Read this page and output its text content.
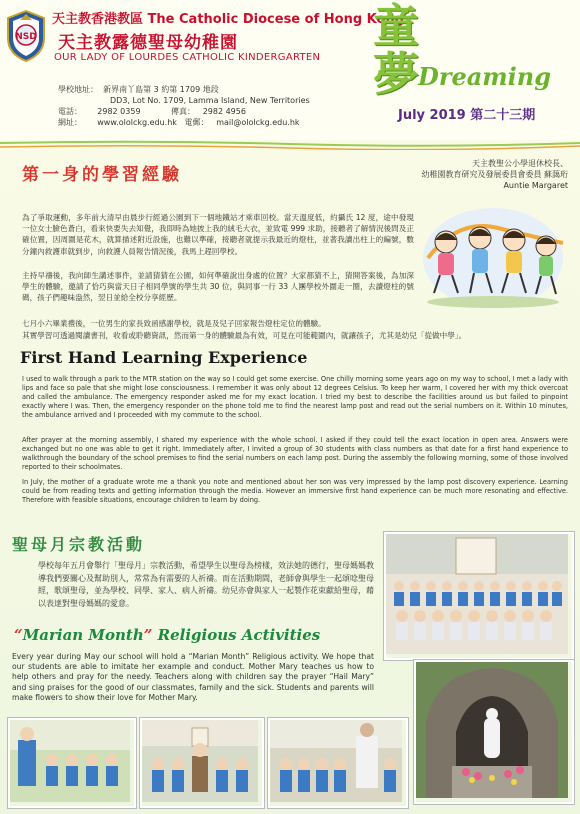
NSD
天主教香港教區 The Catholic Diocese of Hong Kong
天主教露德聖母幼稚園
OUR LADY OF LOURDES CATHOLIC KINDERGARTEN
學校地址： 新界南丫島第 3 約第 1709 地段
DD3, Lot No. 1709, Lamma Island, New Territories
電話： 2982 0359	傳真： 2982 4956
網址： www.ololckg.edu.hk 電郵： mail@ololckg.edu.hk
童夢 Dreaming
July 2019 第二十三期
第一身的學習經驗
天主教聖公小學退休校長、
幼稚園教育研究及發展委員會委員 蘇藹珩
Auntie Margaret
為了爭取運動，多年前大清早由晨步行經過公園到下一個地鐵站才乘車回校。當天溫度低，約攝氏 12 度，途中發現一位女士臉色蒼白，看來快要失去知覺，我即時為她披上我的絨毛大衣，並致電 999 求助，接聽者了解情況後問及正確位置，因周圍是花木，就算描述附近設施，也難以準確，接聽者就提示我最近的燈柱，並著我讀出柱上的編號，數分鐘內救護車就到步，向救護人員報告情況後，我馬上趕回學校。
主持早禱後，我向師生講述事件，並請猜猜在公園，如何準確說出身處的位置？大家都猜不上，猜開答案後，為加深學生的體驗，邀請了恰巧與當天日子相同學號的學生共 30 位，與同事一行 33 人團學校外圍走一圈，去讀燈柱的號碼，孩子們趣味盎然，翌日並給全校分享經歷。
七月小六畢業禮後，一位男生的家長致函感謝學校，就是及兒子回家報告燈柱定位的體驗。
其實學習可透過閱讀書刊，收看或聆聽資訊，然而第一身的體驗最為有效，可見在可能範圍內，就讓孩子，尤其是幼兒「從做中學」。
First Hand Learning Experience
I used to walk through a park to the MTR station on the way so I could get some exercise. One chilly morning some years ago on my way to school, I met a lady with lips and face so pale that she might lose consciousness. I remember it was only about 12 degrees Celsius. To keep her warm, I covered her with my thick overcoat and called the ambulance. The emergency responder asked me for my exact location. I tried my best to describe the facilities around us but failed to pinpoint exactly where I was. Then, the emergency responder on the phone told me to find the nearest lamp post and read out the serial numbers on it. Within 10 minutes, the ambulance arrived and I proceeded with my commute to the school.
After prayer at the morning assembly, I shared my experience with the whole school. I asked if they could tell the exact location in open area. Answers were exchanged but no one was able to get it right. Immediately after, I invited a group of 30 students with class numbers as that date for a first hand experience to walkthrough the boundary of the school premises to find the serial numbers on each lamp post. During the assembly the following morning, some of those involved reported to their schoolmates.
In July, the mother of a graduate wrote me a thank you note and mentioned about her son was very impressed by the lamp post discovery experience. Learning could be from reading texts and getting information through the media. However an immersive first hand experience can be much more resonating and effective. Therefore with feasible situations, encourage children to learn by doing.
聖母月宗教活動
學校每年五月會舉行「聖母月」宗教活動，希望學生以聖母為榜樣，效法她的德行，聖母媽媽教導我們要關心及幫助別人，常常為有需要的人祈禱。而在活動期間，老師會與學生一起頌唸聖母經，歌頌聖母，並為學校、同學、家人、病人祈禱。幼兒亦會與家人一起製作花束獻給聖母，藉以表達對聖母媽媽的愛意。
“Marian Month” Religious Activities
Every year during May our school will hold a “Marian Month” Religious activity. We hope that our students are able to imitate her example and conduct. Mother Mary teaches us how to help others and pray for the needy. Teachers along with children say the prayer “Hail Mary” and sing praises for the good of our classmates, family and the sick. Students and parents will make flowers to show their love for Mother Mary.
